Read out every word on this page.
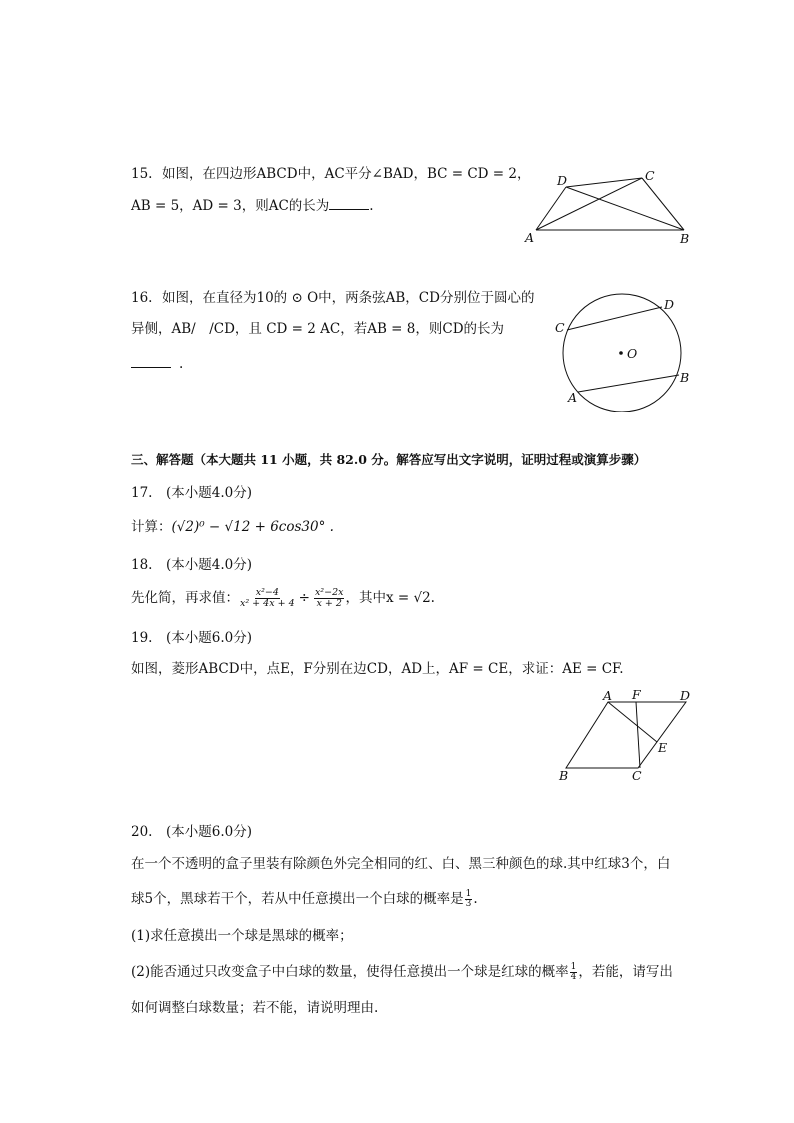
15. 如图，在四边形ABCD中，AC平分∠BAD，BC = CD = 2，
AB = 5，AD = 3，则AC的长为	.
A	B
C
D
16. 如图，在直径为10的 ⊙ O中，两条弦AB，CD分别位于圆心的
异侧，AB/　/CD，且 CD = 2 AC，若AB = 8，则CD的长为
.
C
D
O
B
A
三、解答题（本大题共 11 小题，共 82.0 分。解答应写出文字说明，证明过程或演算步骤）
17.　(本小题4.0分)
计算：(√2)⁰ − √12 + 6cos30° .
18.　(本小题4.0分)
先化简，再求值： $\frac{\text{x²−4}}{\text{x² + 4x + 4}} \div \frac{\text{x²−2x}}{x + 2}$ ，其中x = √2.
19.　(本小题6.0分)
如图，菱形ABCD中，点E，F分别在边CD，AD上，AF = CE，求证：AE = CF.
A F	D
E
B	C
20.　(本小题6.0分)
在一个不透明的盒子里装有除颜色外完全相同的红、白、黑三种颜色的球.其中红球3个，白
球5个，黑球若干个，若从中任意摸出一个白球的概率是 $\frac{1}{3}$ .
(1)求任意摸出一个球是黑球的概率；
(2)能否通过只改变盒子中白球的数量，使得任意摸出一个球是红球的概率 $\frac{1}{4}$ ，若能，请写出
如何调整白球数量；若不能，请说明理由.
